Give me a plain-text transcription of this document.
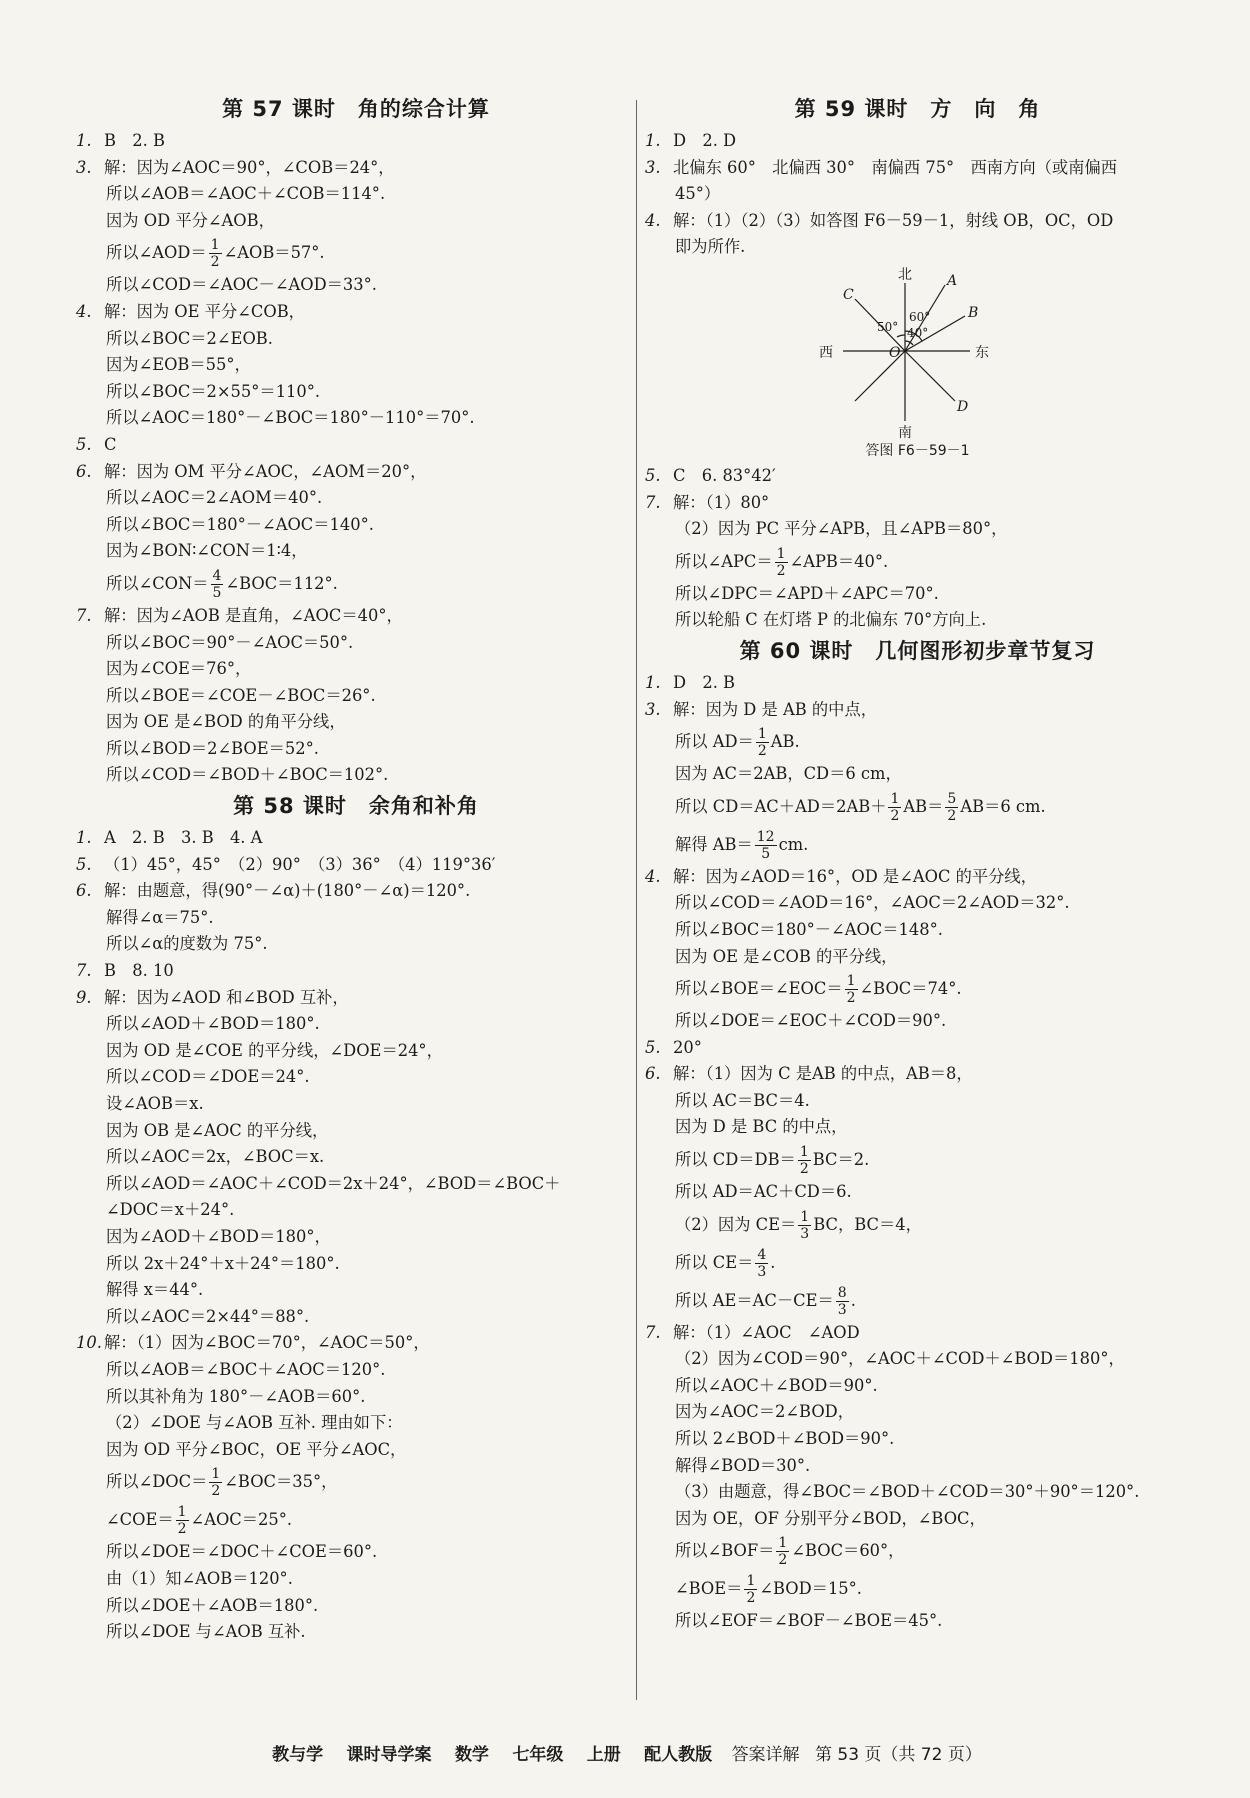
第 57 课时　角的综合计算
1. B　2. B
3. 解：因为∠AOC＝90°，∠COB＝24°，
所以∠AOB＝∠AOC＋∠COB＝114°.
因为 OD 平分∠AOB，
所以∠AOD＝ $\frac{1}{2}$ ∠AOB＝57°.
所以∠COD＝∠AOC－∠AOD＝33°.
4. 解：因为 OE 平分∠COB，
所以∠BOC＝2∠EOB.
因为∠EOB＝55°，
所以∠BOC＝2×55°＝110°.
所以∠AOC＝180°－∠BOC＝180°－110°＝70°.
5. C
6. 解：因为 OM 平分∠AOC，∠AOM＝20°，
所以∠AOC＝2∠AOM＝40°.
所以∠BOC＝180°－∠AOC＝140°.
因为∠BON∶∠CON＝1∶4，
所以∠CON＝ $\frac{4}{5}$ ∠BOC＝112°.
7. 解：因为∠AOB 是直角，∠AOC＝40°，
所以∠BOC＝90°－∠AOC＝50°.
因为∠COE＝76°，
所以∠BOE＝∠COE－∠BOC＝26°.
因为 OE 是∠BOD 的角平分线，
所以∠BOD＝2∠BOE＝52°.
所以∠COD＝∠BOD＋∠BOC＝102°.
第 58 课时　余角和补角
1. A　2. B　3. B　4. A
5. （1）45°，45°　（2）90°　（3）36°　（4）119°36′
6. 解：由题意，得(90°－∠α)＋(180°－∠α)＝120°.
解得∠α＝75°.
所以∠α的度数为 75°.
7. B　8. 10
9. 解：因为∠AOD 和∠BOD 互补，
所以∠AOD＋∠BOD＝180°.
因为 OD 是∠COE 的平分线，∠DOE＝24°，
所以∠COD＝∠DOE＝24°.
设∠AOB＝x.
因为 OB 是∠AOC 的平分线，
所以∠AOC＝2x，∠BOC＝x.
所以∠AOD＝∠AOC＋∠COD＝2x＋24°，∠BOD＝∠BOC＋
∠DOC＝x＋24°.
因为∠AOD＋∠BOD＝180°，
所以 2x＋24°＋x＋24°＝180°.
解得 x＝44°.
所以∠AOC＝2×44°＝88°.
10. 解：（1）因为∠BOC＝70°，∠AOC＝50°，
所以∠AOB＝∠BOC＋∠AOC＝120°.
所以其补角为 180°－∠AOB＝60°.
（2）∠DOE 与∠AOB 互补. 理由如下：
因为 OD 平分∠BOC，OE 平分∠AOC，
所以∠DOC＝ $\frac{1}{2}$ ∠BOC＝35°，
∠COE＝ $\frac{1}{2}$ ∠AOC＝25°.
所以∠DOE＝∠DOC＋∠COE＝60°.
由（1）知∠AOB＝120°.
所以∠DOE＋∠AOB＝180°.
所以∠DOE 与∠AOB 互补.
第 59 课时　方　向　角
1. D　2. D
3. 北偏东 60°　北偏西 30°　南偏西 75°　西南方向（或南偏西
45°）
4. 解：（1）（2）（3）如答图 F6－59－1，射线 OB，OC，OD
即为所作.
北
南
西	东
O
A
B
C
D
60°
50° 40°
答图 F6－59－1
5. C　6. 83°42′
7. 解：（1）80°
（2）因为 PC 平分∠APB，且∠APB＝80°，
所以∠APC＝ $\frac{1}{2}$ ∠APB＝40°.
所以∠DPC＝∠APD＋∠APC＝70°.
所以轮船 C 在灯塔 P 的北偏东 70°方向上.
第 60 课时　几何图形初步章节复习
1. D　2. B
3. 解：因为 D 是 AB 的中点，
所以 $AD= \frac{1}{2}$ AB.
因为 AC＝2AB，CD＝6 cm，
所以 $CD=AC+AD=2AB+ \frac{1}{2} AB= \frac{5}{2} AB=6$ cm.
解得 $AB= \frac{12}{5}$ cm.
4. 解：因为∠AOD＝16°，OD 是∠AOC 的平分线，
所以∠COD＝∠AOD＝16°，∠AOC＝2∠AOD＝32°.
所以∠BOC＝180°－∠AOC＝148°.
因为 OE 是∠COB 的平分线，
所以∠BOE＝∠EOC＝ $\frac{1}{2}$ ∠BOC＝74°.
所以∠DOE＝∠EOC＋∠COD＝90°.
5. 20°
6. 解：（1）因为 C 是AB 的中点，AB＝8，
所以 AC＝BC＝4.
因为 D 是 BC 的中点，
所以 $CD=DB= \frac{1}{2} BC=2$.
所以 AD＝AC＋CD＝6.
（2）因为 $CE= \frac{1}{3}$ BC，BC＝4，
所以 $CE= \frac{4}{3}$ .
所以 $AE=AC-CE= \frac{8}{3}$ .
7. 解：（1）∠AOC　∠AOD
（2）因为∠COD＝90°，∠AOC＋∠COD＋∠BOD＝180°，
所以∠AOC＋∠BOD＝90°.
因为∠AOC＝2∠BOD，
所以 2∠BOD＋∠BOD＝90°.
解得∠BOD＝30°.
（3）由题意，得∠BOC＝∠BOD＋∠COD＝30°＋90°＝120°.
因为 OE，OF 分别平分∠BOD，∠BOC，
所以∠BOF＝ $\frac{1}{2}$ ∠BOC＝60°，
∠BOE＝ $\frac{1}{2}$ ∠BOD＝15°.
所以∠EOF＝∠BOF－∠BOE＝45°.
教与学 课时导学案 数学 七年级 上册 配人教版 答案详解 第 53 页（共 72 页）
